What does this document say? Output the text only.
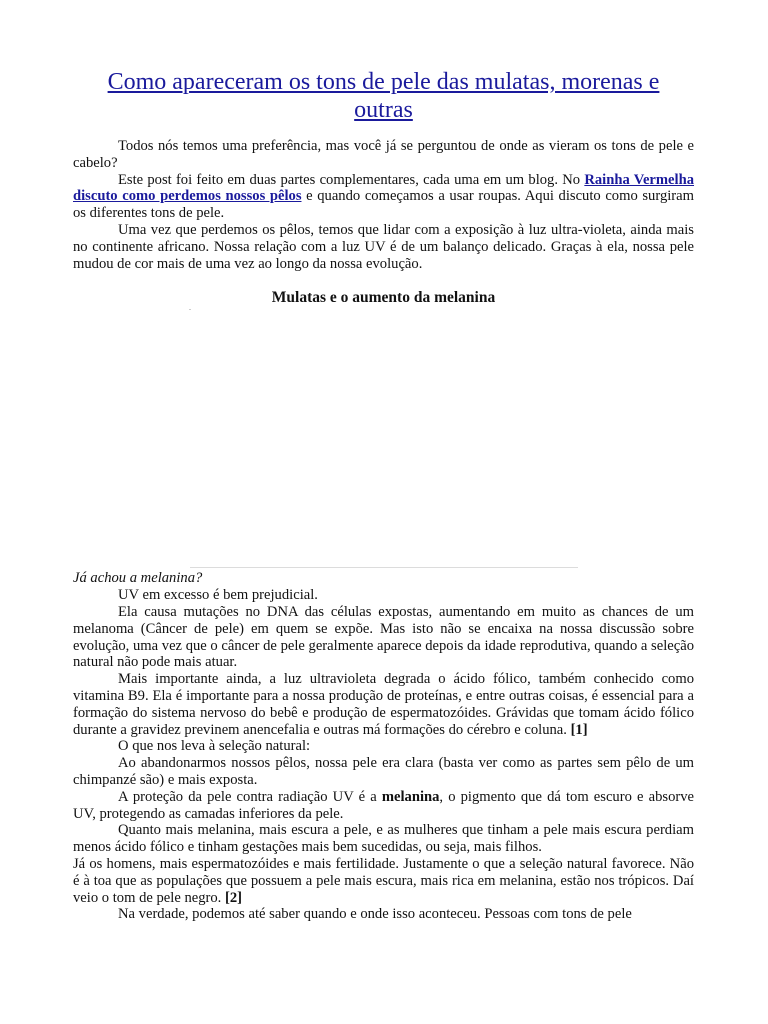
Como apareceram os tons de pele das mulatas, morenas e outras

Todos nós temos uma preferência, mas você já se perguntou de onde as vieram os tons de pele e cabelo?

Este post foi feito em duas partes complementares, cada uma em um blog. No Rainha Vermelha discuto como perdemos nossos pêlos e quando começamos a usar roupas. Aqui discuto como surgiram os diferentes tons de pele.

Uma vez que perdemos os pêlos, temos que lidar com a exposição à luz ultra-violeta, ainda mais no continente africano. Nossa relação com a luz UV é de um balanço delicado. Graças à ela, nossa pele mudou de cor mais de uma vez ao longo da nossa evolução.

Mulatas e o aumento da melanina

Já achou a melanina?

UV em excesso é bem prejudicial.

Ela causa mutações no DNA das células expostas, aumentando em muito as chances de um melanoma (Câncer de pele) em quem se expõe. Mas isto não se encaixa na nossa discussão sobre evolução, uma vez que o câncer de pele geralmente aparece depois da idade reprodutiva, quando a seleção natural não pode mais atuar.

Mais importante ainda, a luz ultravioleta degrada o ácido fólico, também conhecido como vitamina B9. Ela é importante para a nossa produção de proteínas, e entre outras coisas, é essencial para a formação do sistema nervoso do bebê e produção de espermatozóides. Grávidas que tomam ácido fólico durante a gravidez previnem anencefalia e outras má formações do cérebro e coluna. [1]

O que nos leva à seleção natural:

Ao abandonarmos nossos pêlos, nossa pele era clara (basta ver como as partes sem pêlo de um chimpanzé são) e mais exposta.

A proteção da pele contra radiação UV é a melanina, o pigmento que dá tom escuro e absorve UV, protegendo as camadas inferiores da pele.

Quanto mais melanina, mais escura a pele, e as mulheres que tinham a pele mais escura perdiam menos ácido fólico e tinham gestações mais bem sucedidas, ou seja, mais filhos.

Já os homens, mais espermatozóides e mais fertilidade. Justamente o que a seleção natural favorece. Não é à toa que as populações que possuem a pele mais escura, mais rica em melanina, estão nos trópicos. Daí veio o tom de pele negro. [2]

Na verdade, podemos até saber quando e onde isso aconteceu. Pessoas com tons de pele
